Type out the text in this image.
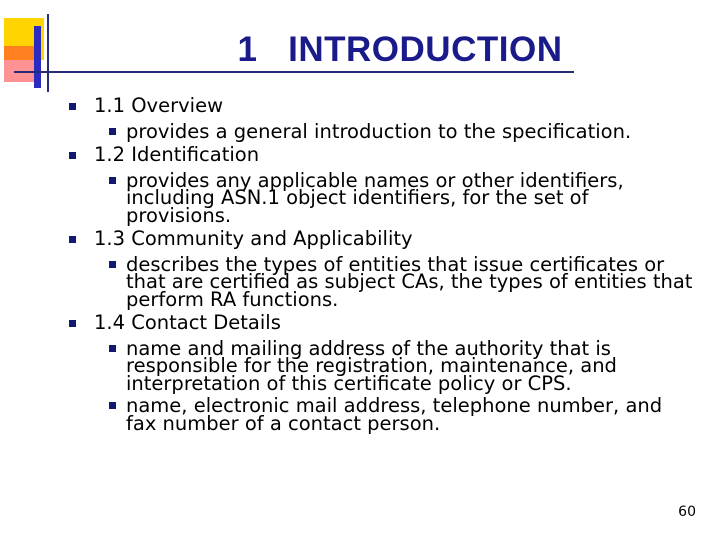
1   INTRODUCTION
1.1 Overview
provides a general introduction to the specification.
1.2 Identification
provides any applicable names or other identifiers, including ASN.1 object identifiers, for the set of provisions.
1.3 Community and Applicability
describes the types of entities that issue certificates or that are certified as subject CAs, the types of entities that perform RA functions.
1.4 Contact Details
name and mailing address of the authority that is responsible for the registration, maintenance, and interpretation of this certificate policy or CPS.
name, electronic mail address, telephone number, and fax number of a contact person.
60
